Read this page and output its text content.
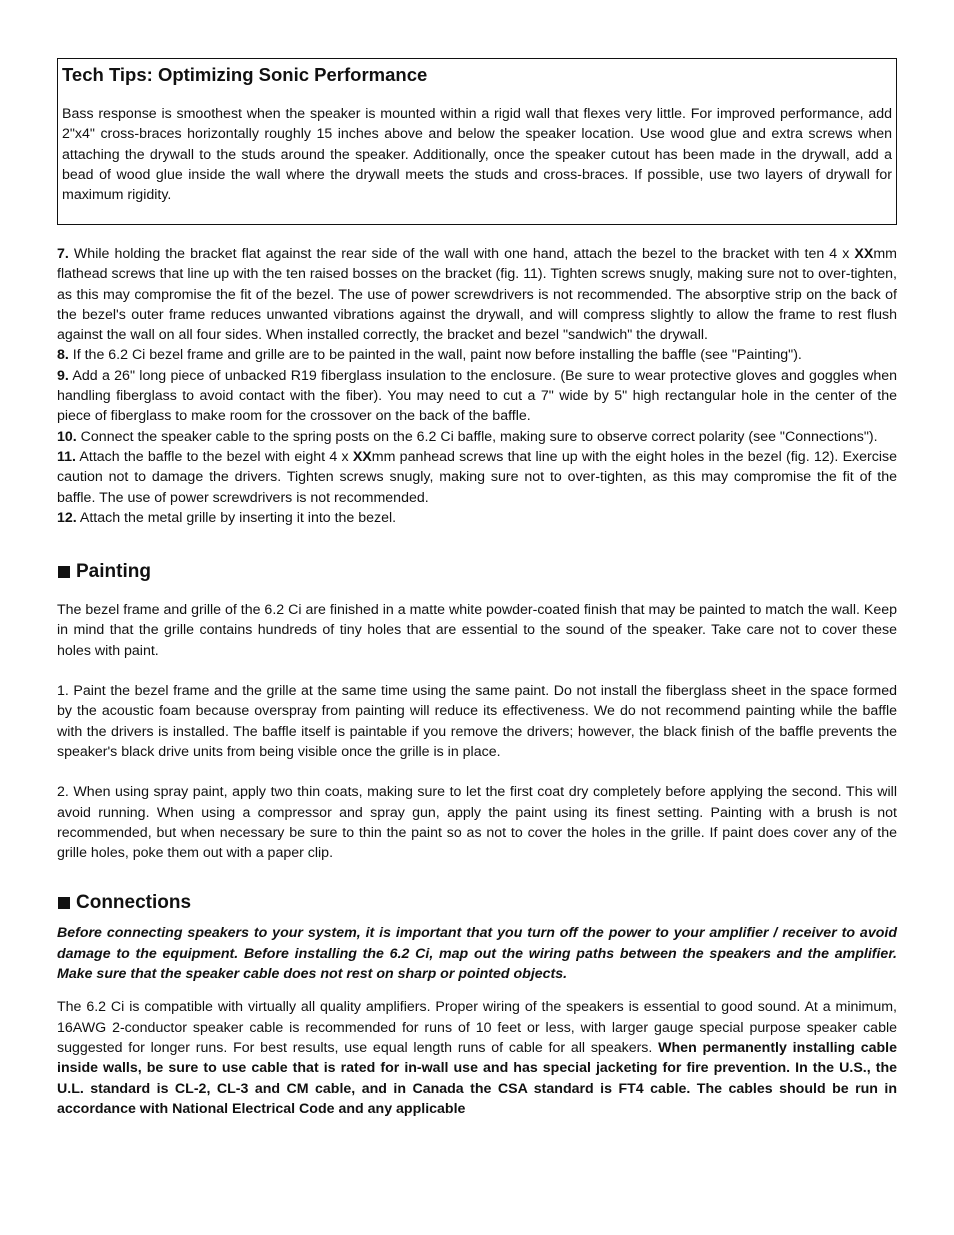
Tech Tips: Optimizing Sonic Performance

Bass response is smoothest when the speaker is mounted within a rigid wall that flexes very little. For improved performance, add 2"x4" cross-braces horizontally roughly 15 inches above and below the speaker location. Use wood glue and extra screws when attaching the drywall to the studs around the speaker. Additionally, once the speaker cutout has been made in the drywall, add a bead of wood glue inside the wall where the drywall meets the studs and cross-braces. If possible, use two layers of drywall for maximum rigidity.

7. While holding the bracket flat against the rear side of the wall with one hand, attach the bezel to the bracket with ten 4 x XXmm flathead screws that line up with the ten raised bosses on the bracket (fig. 11). Tighten screws snugly, making sure not to over-tighten, as this may compromise the fit of the bezel. The use of power screwdrivers is not recommended. The absorptive strip on the back of the bezel's outer frame reduces unwanted vibrations against the drywall, and will compress slightly to allow the frame to rest flush against the wall on all four sides. When installed correctly, the bracket and bezel "sandwich" the drywall.

8. If the 6.2 Ci bezel frame and grille are to be painted in the wall, paint now before installing the baffle (see "Painting").

9. Add a 26" long piece of unbacked R19 fiberglass insulation to the enclosure. (Be sure to wear protective gloves and goggles when handling fiberglass to avoid contact with the fiber). You may need to cut a 7" wide by 5" high rectangular hole in the center of the piece of fiberglass to make room for the crossover on the back of the baffle.

10. Connect the speaker cable to the spring posts on the 6.2 Ci baffle, making sure to observe correct polarity (see "Connections").

11. Attach the baffle to the bezel with eight 4 x XXmm panhead screws that line up with the eight holes in the bezel (fig. 12). Exercise caution not to damage the drivers. Tighten screws snugly, making sure not to over-tighten, as this may compromise the fit of the baffle. The use of power screwdrivers is not recommended.

12. Attach the metal grille by inserting it into the bezel.

Painting

The bezel frame and grille of the 6.2 Ci are finished in a matte white powder-coated finish that may be painted to match the wall. Keep in mind that the grille contains hundreds of tiny holes that are essential to the sound of the speaker. Take care not to cover these holes with paint.

1. Paint the bezel frame and the grille at the same time using the same paint. Do not install the fiberglass sheet in the space formed by the acoustic foam because overspray from painting will reduce its effectiveness. We do not recommend painting while the baffle with the drivers is installed. The baffle itself is paintable if you remove the drivers; however, the black finish of the baffle prevents the speaker's black drive units from being visible once the grille is in place.

2. When using spray paint, apply two thin coats, making sure to let the first coat dry completely before applying the second. This will avoid running. When using a compressor and spray gun, apply the paint using its finest setting. Painting with a brush is not recommended, but when necessary be sure to thin the paint so as not to cover the holes in the grille. If paint does cover any of the grille holes, poke them out with a paper clip.

Connections

Before connecting speakers to your system, it is important that you turn off the power to your amplifier / receiver to avoid damage to the equipment. Before installing the 6.2 Ci, map out the wiring paths between the speakers and the amplifier. Make sure that the speaker cable does not rest on sharp or pointed objects.

The 6.2 Ci is compatible with virtually all quality amplifiers. Proper wiring of the speakers is essential to good sound. At a minimum, 16AWG 2-conductor speaker cable is recommended for runs of 10 feet or less, with larger gauge special purpose speaker cable suggested for longer runs. For best results, use equal length runs of cable for all speakers. When permanently installing cable inside walls, be sure to use cable that is rated for in-wall use and has special jacketing for fire prevention. In the U.S., the U.L. standard is CL-2, CL-3 and CM cable, and in Canada the CSA standard is FT4 cable. The cables should be run in accordance with National Electrical Code and any applicable
